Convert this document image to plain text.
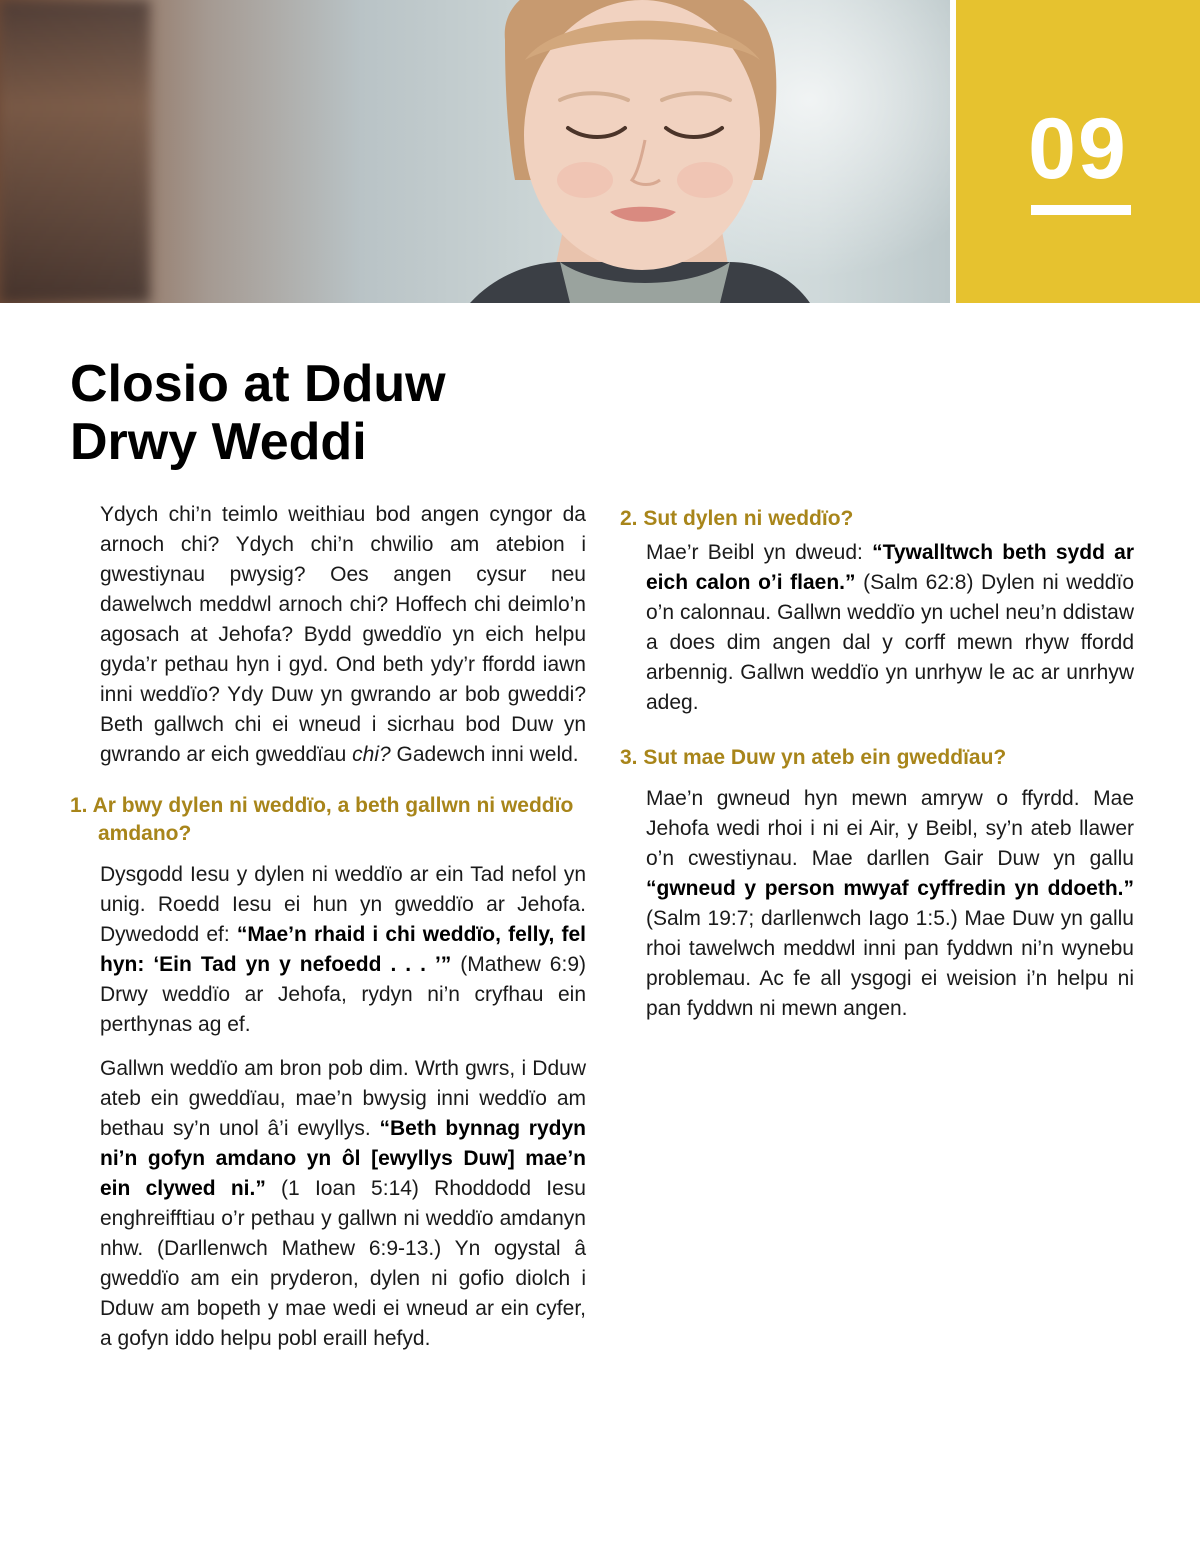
09
Closio at Dduw
Drwy Weddi

Ydych chi’n teimlo weithiau bod angen cyngor da arnoch chi? Ydych chi’n chwilio am atebion i gwestiynau pwysig? Oes angen cysur neu dawelwch meddwl arnoch chi? Hoffech chi deimlo’n agosach at Jehofa? Bydd gweddïo yn eich helpu gyda’r pethau hyn i gyd. Ond beth ydy’r ffordd iawn inni weddïo? Ydy Duw yn gwrando ar bob gweddi? Beth gallwch chi ei wneud i sicrhau bod Duw yn gwrando ar eich gweddïau chi? Gadewch inni weld.

1. Ar bwy dylen ni weddïo, a beth gallwn ni weddïo amdano?

Dysgodd Iesu y dylen ni weddïo ar ein Tad nefol yn unig. Roedd Iesu ei hun yn gweddïo ar Jehofa. Dywedodd ef: “Mae’n rhaid i chi weddïo, felly, fel hyn: ‘Ein Tad yn y nefoedd . . . ’” (Mathew 6:9) Drwy weddïo ar Jehofa, rydyn ni’n cryfhau ein perthynas ag ef.

Gallwn weddïo am bron pob dim. Wrth gwrs, i Dduw ateb ein gweddïau, mae’n bwysig inni weddïo am bethau sy’n unol â’i ewyllys. “Beth bynnag rydyn ni’n gofyn amdano yn ôl [ewyllys Duw] mae’n ein clywed ni.” (1 Ioan 5:14) Rhoddodd Iesu enghreifftiau o’r pethau y gallwn ni weddïo amdanyn nhw. (Darllenwch Mathew 6:9-13.) Yn ogystal â gweddïo am ein pryderon, dylen ni gofio diolch i Dduw am bopeth y mae wedi ei wneud ar ein cyfer, a gofyn iddo helpu pobl eraill hefyd.

2. Sut dylen ni weddïo?

Mae’r Beibl yn dweud: “Tywalltwch beth sydd ar eich calon o’i flaen.” (Salm 62:8) Dylen ni weddïo o’n calonnau. Gallwn weddïo yn uchel neu’n ddistaw a does dim angen dal y corff mewn rhyw ffordd arbennig. Gallwn weddïo yn unrhyw le ac ar unrhyw adeg.

3. Sut mae Duw yn ateb ein gweddïau?

Mae’n gwneud hyn mewn amryw o ffyrdd. Mae Jehofa wedi rhoi i ni ei Air, y Beibl, sy’n ateb llawer o’n cwestiynau. Mae darllen Gair Duw yn gallu “gwneud y person mwyaf cyffredin yn ddoeth.” (Salm 19:7; darllenwch Iago 1:5.) Mae Duw yn gallu rhoi tawelwch meddwl inni pan fyddwn ni’n wynebu problemau. Ac fe all ysgogi ei weision i’n helpu ni pan fyddwn ni mewn angen.
